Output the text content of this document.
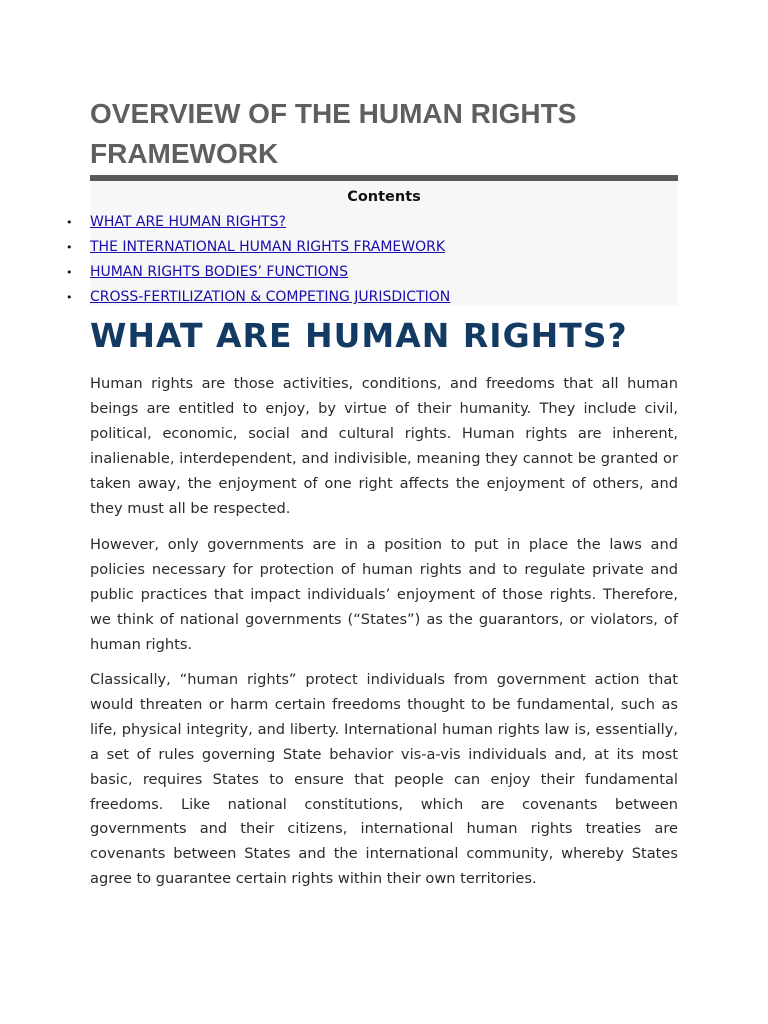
OVERVIEW OF THE HUMAN RIGHTS FRAMEWORK
Contents
• WHAT ARE HUMAN RIGHTS?
• THE INTERNATIONAL HUMAN RIGHTS FRAMEWORK
• HUMAN RIGHTS BODIES’ FUNCTIONS
• CROSS-FERTILIZATION & COMPETING JURISDICTION
WHAT ARE HUMAN RIGHTS?

Human rights are those activities, conditions, and freedoms that all human beings are entitled to enjoy, by virtue of their humanity. They include civil, political, economic, social and cultural rights. Human rights are inherent, inalienable, interdependent, and indivisible, meaning they cannot be granted or taken away, the enjoyment of one right affects the enjoyment of others, and they must all be respected.

However, only governments are in a position to put in place the laws and policies necessary for protection of human rights and to regulate private and public practices that impact individuals’ enjoyment of those rights. Therefore, we think of national governments (“States”) as the guarantors, or violators, of human rights.

Classically, “human rights” protect individuals from government action that would threaten or harm certain freedoms thought to be fundamental, such as life, physical integrity, and liberty. International human rights law is, essentially, a set of rules governing State behavior vis-a-vis individuals and, at its most basic, requires States to ensure that people can enjoy their fundamental freedoms. Like national constitutions, which are covenants between governments and their citizens, international human rights treaties are covenants between States and the international community, whereby States agree to guarantee certain rights within their own territories.
